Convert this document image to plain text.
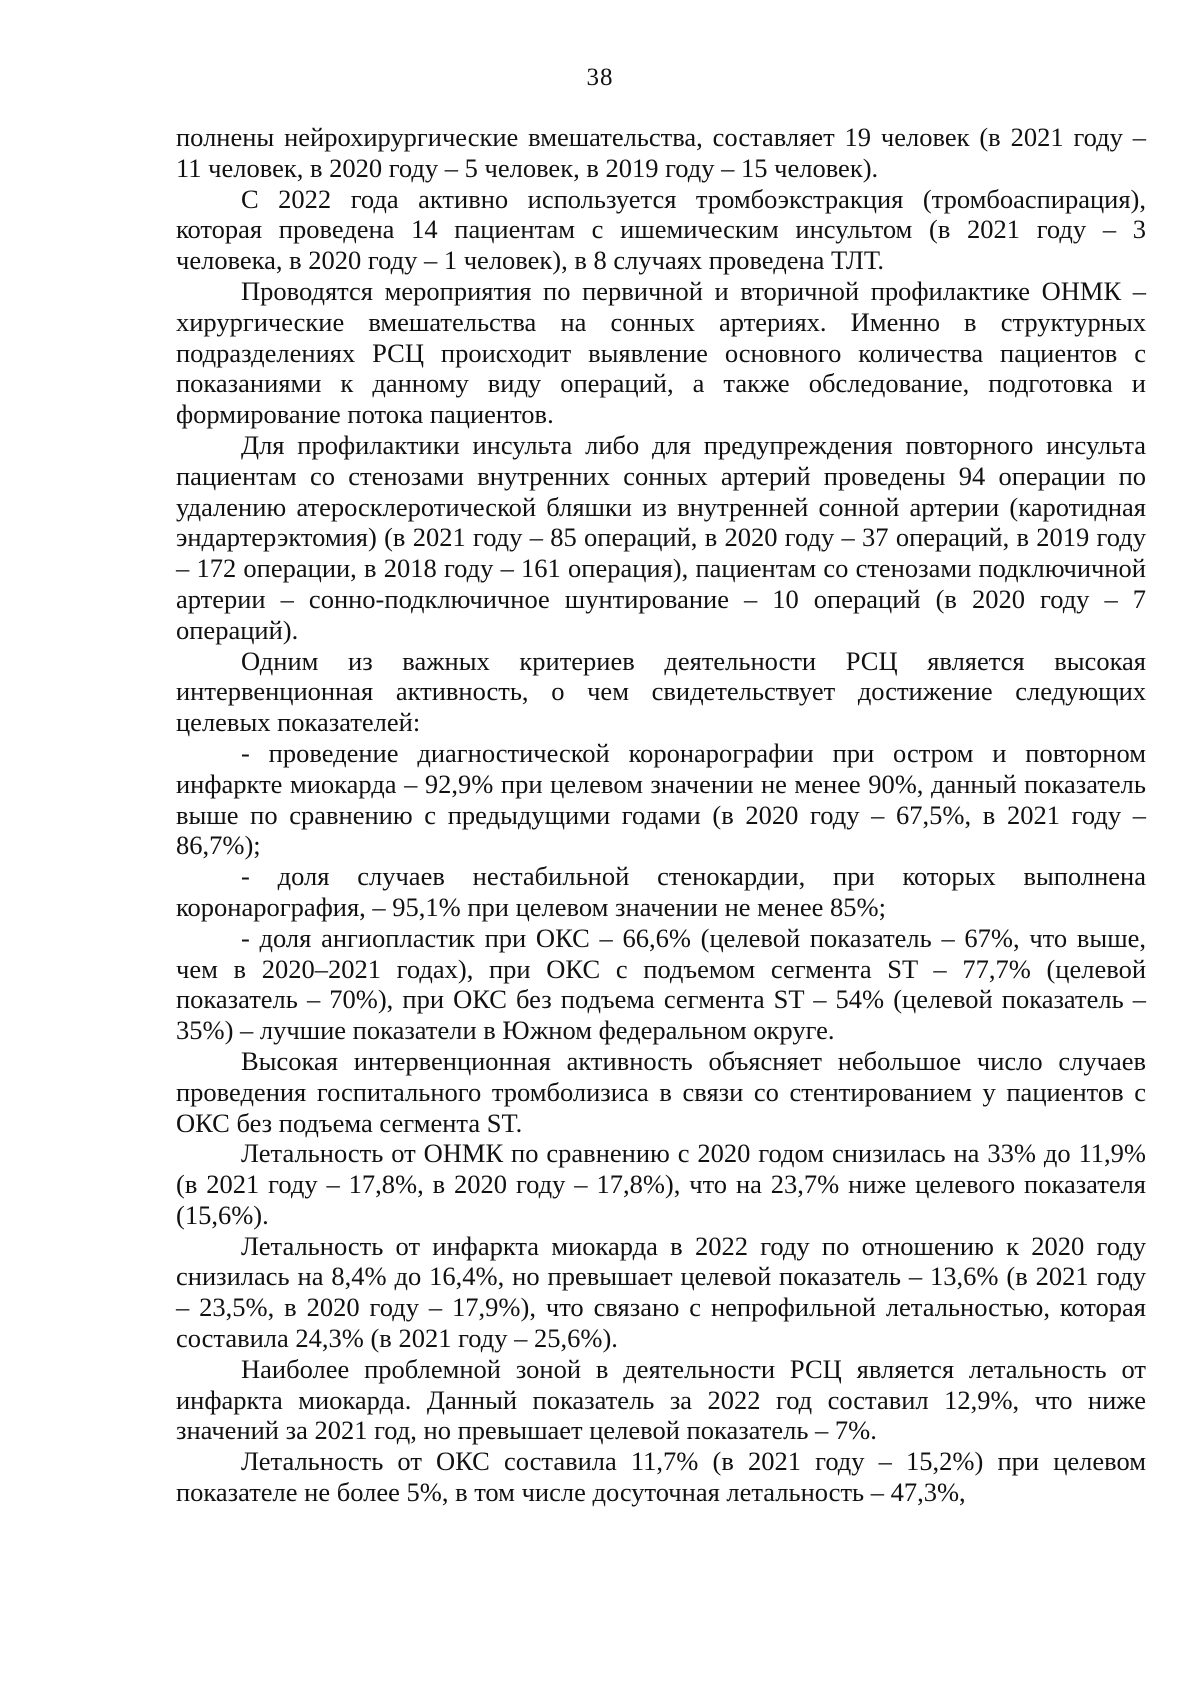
38

полнены нейрохирургические вмешательства, составляет 19 человек (в 2021 году – 11 человек, в 2020 году – 5 человек, в 2019 году – 15 человек).

С 2022 года активно используется тромбоэкстракция (тромбоаспирация), которая проведена 14 пациентам с ишемическим инсультом (в 2021 году – 3 человека, в 2020 году – 1 человек), в 8 случаях проведена ТЛТ.

Проводятся мероприятия по первичной и вторичной профилактике ОНМК – хирургические вмешательства на сонных артериях. Именно в структурных подразделениях РСЦ происходит выявление основного количества пациентов с показаниями к данному виду операций, а также обследование, подготовка и формирование потока пациентов.

Для профилактики инсульта либо для предупреждения повторного инсульта пациентам со стенозами внутренних сонных артерий проведены 94 операции по удалению атеросклеротической бляшки из внутренней сонной артерии (каротидная эндартерэктомия) (в 2021 году – 85 операций, в 2020 году – 37 операций, в 2019 году – 172 операции, в 2018 году – 161 операция), пациентам со стенозами подключичной артерии – сонно-подключичное шунтирование – 10 операций (в 2020 году – 7 операций).

Одним из важных критериев деятельности РСЦ является высокая интервенционная активность, о чем свидетельствует достижение следующих целевых показателей:

- проведение диагностической коронарографии при остром и повторном инфаркте миокарда – 92,9% при целевом значении не менее 90%, данный показатель выше по сравнению с предыдущими годами (в 2020 году – 67,5%, в 2021 году – 86,7%);

- доля случаев нестабильной стенокардии, при которых выполнена коронарография, – 95,1% при целевом значении не менее 85%;

- доля ангиопластик при ОКС – 66,6% (целевой показатель – 67%, что выше, чем в 2020–2021 годах), при ОКС с подъемом сегмента ST – 77,7% (целевой показатель – 70%), при ОКС без подъема сегмента ST – 54% (целевой показатель – 35%) – лучшие показатели в Южном федеральном округе.

Высокая интервенционная активность объясняет небольшое число случаев проведения госпитального тромболизиса в связи со стентированием у пациентов с ОКС без подъема сегмента ST.

Летальность от ОНМК по сравнению с 2020 годом снизилась на 33% до 11,9% (в 2021 году – 17,8%, в 2020 году – 17,8%), что на 23,7% ниже целевого показателя (15,6%).

Летальность от инфаркта миокарда в 2022 году по отношению к 2020 году снизилась на 8,4% до 16,4%, но превышает целевой показатель – 13,6% (в 2021 году – 23,5%, в 2020 году – 17,9%), что связано с непрофильной летальностью, которая составила 24,3% (в 2021 году – 25,6%).

Наиболее проблемной зоной в деятельности РСЦ является летальность от инфаркта миокарда. Данный показатель за 2022 год составил 12,9%, что ниже значений за 2021 год, но превышает целевой показатель – 7%.

Летальность от ОКС составила 11,7% (в 2021 году – 15,2%) при целевом показателе не более 5%, в том числе досуточная летальность – 47,3%,
